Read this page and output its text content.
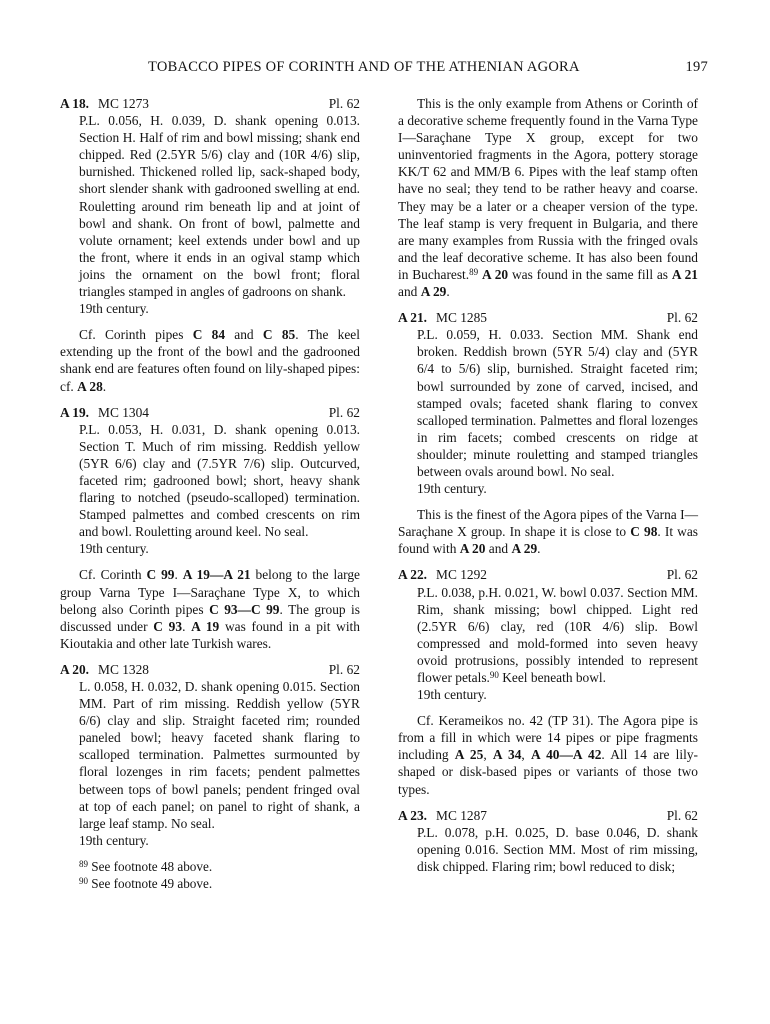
TOBACCO PIPES OF CORINTH AND OF THE ATHENIAN AGORA	197
A 18. MC 1273	Pl. 62

P.L. 0.056, H. 0.039, D. shank opening 0.013. Section H. Half of rim and bowl missing; shank end chipped. Red (2.5YR 5/6) clay and (10R 4/6) slip, burnished. Thickened rolled lip, sack-shaped body, short slender shank with gadrooned swelling at end. Rouletting around rim beneath lip and at joint of bowl and shank. On front of bowl, palmette and volute ornament; keel extends under bowl and up the front, where it ends in an ogival stamp which joins the ornament on the bowl front; floral triangles stamped in angles of gadroons on shank.

19th century.

Cf. Corinth pipes C 84 and C 85. The keel extending up the front of the bowl and the gadrooned shank end are features often found on lily-shaped pipes: cf. A 28.

A 19. MC 1304	Pl. 62

P.L. 0.053, H. 0.031, D. shank opening 0.013. Section T. Much of rim missing. Reddish yellow (5YR 6/6) clay and (7.5YR 7/6) slip. Outcurved, faceted rim; gadrooned bowl; short, heavy shank flaring to notched (pseudo-scalloped) termination. Stamped palmettes and combed crescents on rim and bowl. Rouletting around keel. No seal.

19th century.

Cf. Corinth C 99. A 19—A 21 belong to the large group Varna Type I—Saraçhane Type X, to which belong also Corinth pipes C 93—C 99. The group is discussed under C 93. A 19 was found in a pit with Kioutakia and other late Turkish wares.

A 20. MC 1328	Pl. 62

L. 0.058, H. 0.032, D. shank opening 0.015. Section MM. Part of rim missing. Reddish yellow (5YR 6/6) clay and slip. Straight faceted rim; rounded paneled bowl; heavy faceted shank flaring to scalloped termination. Palmettes surmounted by floral lozenges in rim facets; pendent palmettes between tops of bowl panels; pendent fringed oval at top of each panel; on panel to right of shank, a large leaf stamp. No seal.

19th century.

$^{89}$ See footnote 48 above.
$^{90}$ See footnote 49 above.

This is the only example from Athens or Corinth of a decorative scheme frequently found in the Varna Type I—Saraçhane Type X group, except for two uninventoried fragments in the Agora, pottery storage KK/T 62 and MM/B 6. Pipes with the leaf stamp often have no seal; they tend to be rather heavy and coarse. They may be a later or a cheaper version of the type. The leaf stamp is very frequent in Bulgaria, and there are many examples from Russia with the fringed ovals and the leaf decorative scheme. It has also been found in Bucharest.$^{89}$ A 20 was found in the same fill as A 21 and A 29.

A 21. MC 1285	Pl. 62

P.L. 0.059, H. 0.033. Section MM. Shank end broken. Reddish brown (5YR 5/4) clay and (5YR 6/4 to 5/6) slip, burnished. Straight faceted rim; bowl surrounded by zone of carved, incised, and stamped ovals; faceted shank flaring to convex scalloped termination. Palmettes and floral lozenges in rim facets; combed crescents on ridge at shoulder; minute rouletting and stamped triangles between ovals around bowl. No seal.

19th century.

This is the finest of the Agora pipes of the Varna I—Saraçhane X group. In shape it is close to C 98. It was found with A 20 and A 29.

A 22. MC 1292	Pl. 62

P.L. 0.038, p.H. 0.021, W. bowl 0.037. Section MM. Rim, shank missing; bowl chipped. Light red (2.5YR 6/6) clay, red (10R 4/6) slip. Bowl compressed and mold-formed into seven heavy ovoid protrusions, possibly intended to represent flower petals.$^{90}$ Keel beneath bowl.

19th century.

Cf. Kerameikos no. 42 (TP 31). The Agora pipe is from a fill in which were 14 pipes or pipe fragments including A 25, A 34, A 40—A 42. All 14 are lily-shaped or disk-based pipes or variants of those two types.

A 23. MC 1287	Pl. 62

P.L. 0.078, p.H. 0.025, D. base 0.046, D. shank opening 0.016. Section MM. Most of rim missing, disk chipped. Flaring rim; bowl reduced to disk;
